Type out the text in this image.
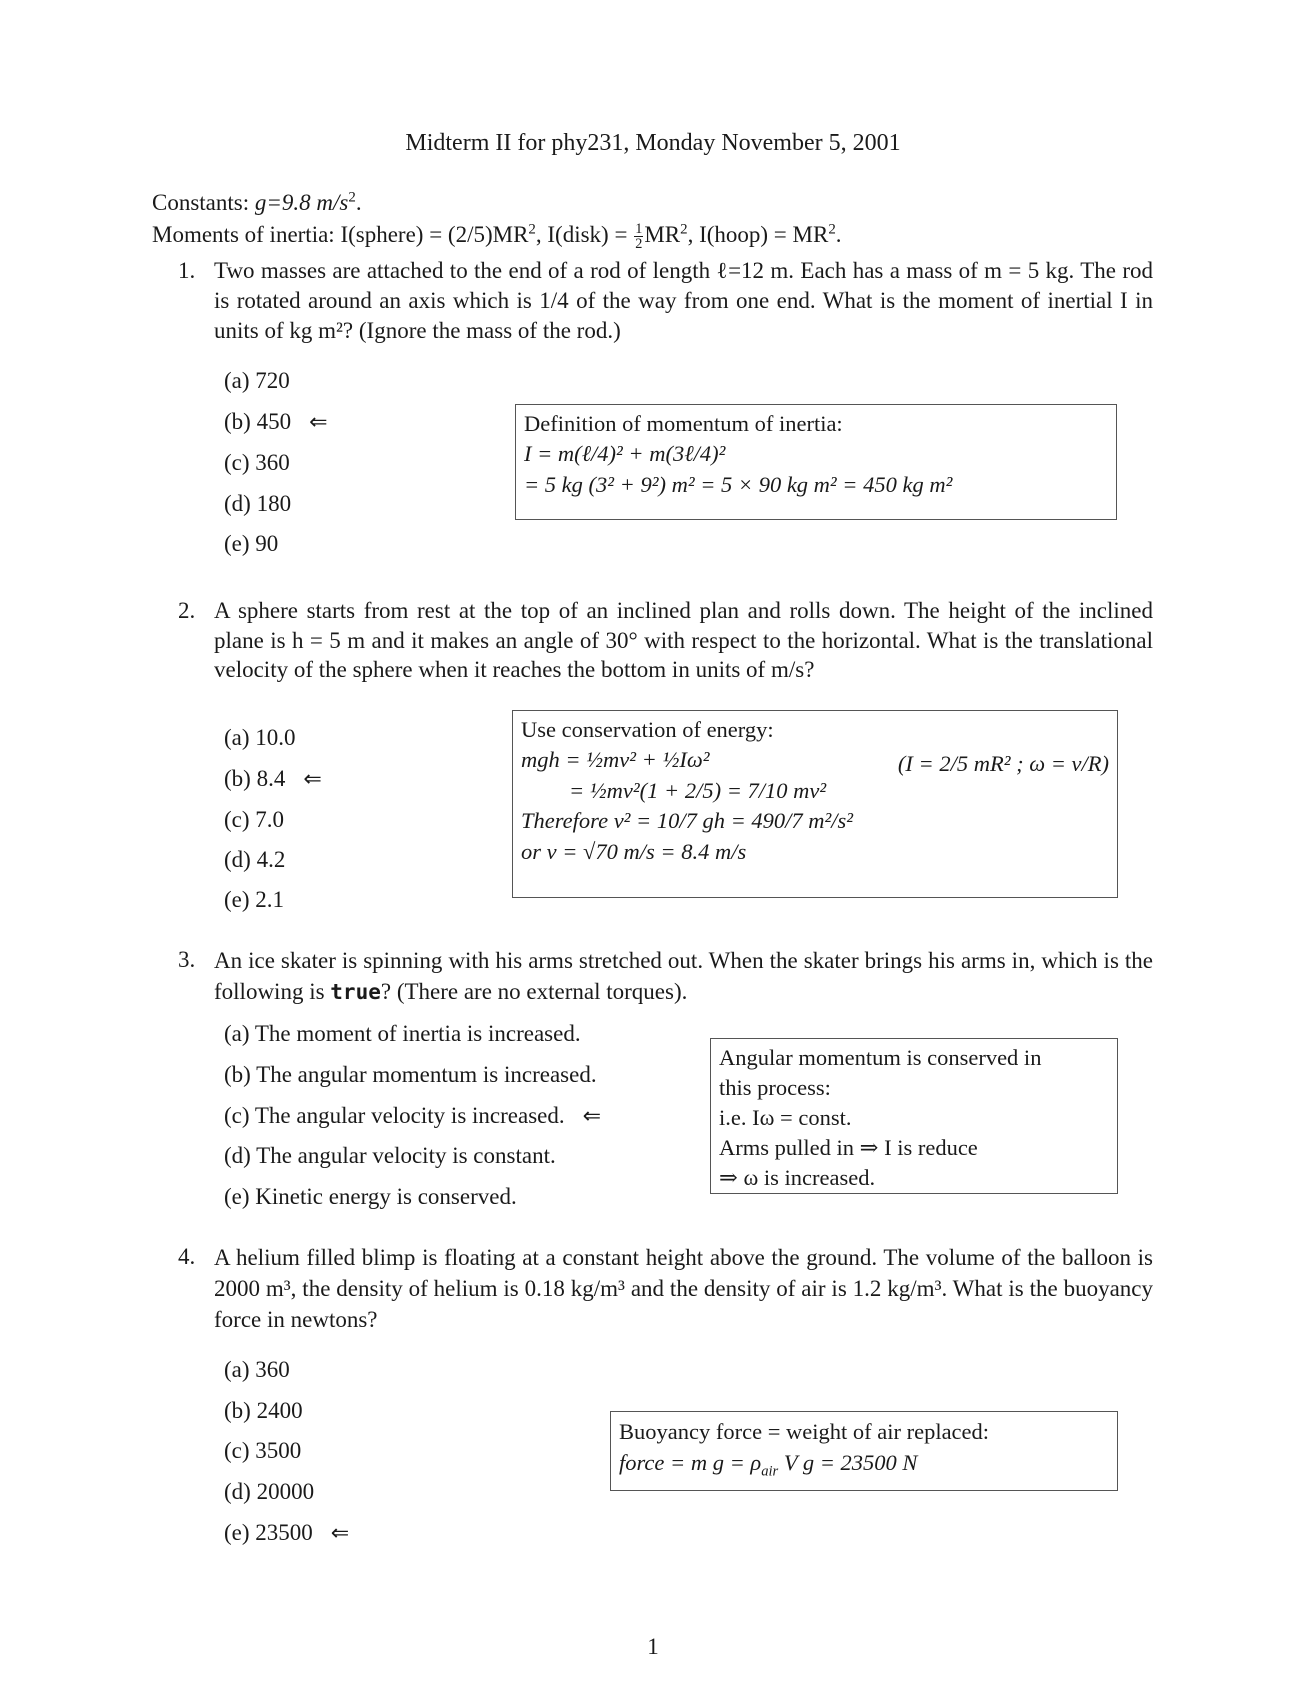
Midterm II for phy231, Monday November 5, 2001
Constants: g=9.8 $m/s^2$.
Moments of inertia: I(sphere) = $(2/5)MR^2$, I(disk) = $\frac{1}{2} MR^2$, I(hoop) = $MR^2$.
1. Two masses are attached to the end of a rod of length ℓ=12 m. Each has a mass of m = 5 kg. The rod is rotated around an axis which is 1/4 of the way from one end. What is the moment of inertial I in units of kg m²? (Ignore the mass of the rod.)
(a) 720
(b) 450 ⇐
(c) 360
(d) 180
(e) 90
Definition of momentum of inertia:
I = m(ℓ/4)² + m(3ℓ/4)²
= 5 kg (3² + 9²) m² = 5 × 90 kg m² = 450 kg m²
2. A sphere starts from rest at the top of an inclined plan and rolls down. The height of the inclined plane is h = 5 m and it makes an angle of 30° with respect to the horizontal. What is the translational velocity of the sphere when it reaches the bottom in units of m/s?
(a) 10.0
(b) 8.4 ⇐
(c) 7.0
(d) 4.2
(e) 2.1
Use conservation of energy:
mgh = ½mv² + ½Iω²
= ½mv²(1 + 2/5) = 7/10 mv²
Therefore v² = 10/7 gh = 490/7 m²/s²
or v = √70 m/s = 8.4 m/s
(I = 2/5 mR² ; ω = v/R)
3. An ice skater is spinning with his arms stretched out. When the skater brings his arms in, which is the following is true? (There are no external torques).
(a) The moment of inertia is increased.
(b) The angular momentum is increased.
(c) The angular velocity is increased. ⇐
(d) The angular velocity is constant.
(e) Kinetic energy is conserved.
Angular momentum is conserved in
this process:
i.e. Iω = const.
Arms pulled in ⇒ I is reduce
⇒ ω is increased.
4. A helium filled blimp is floating at a constant height above the ground. The volume of the balloon is 2000 m³, the density of helium is 0.18 kg/m³ and the density of air is 1.2 kg/m³. What is the buoyancy force in newtons?
(a) 360
(b) 2400
(c) 3500
(d) 20000
(e) 23500 ⇐
Buoyancy force = weight of air replaced:
force = m $g = \rho_{air}$ V g = 23500 N
1
